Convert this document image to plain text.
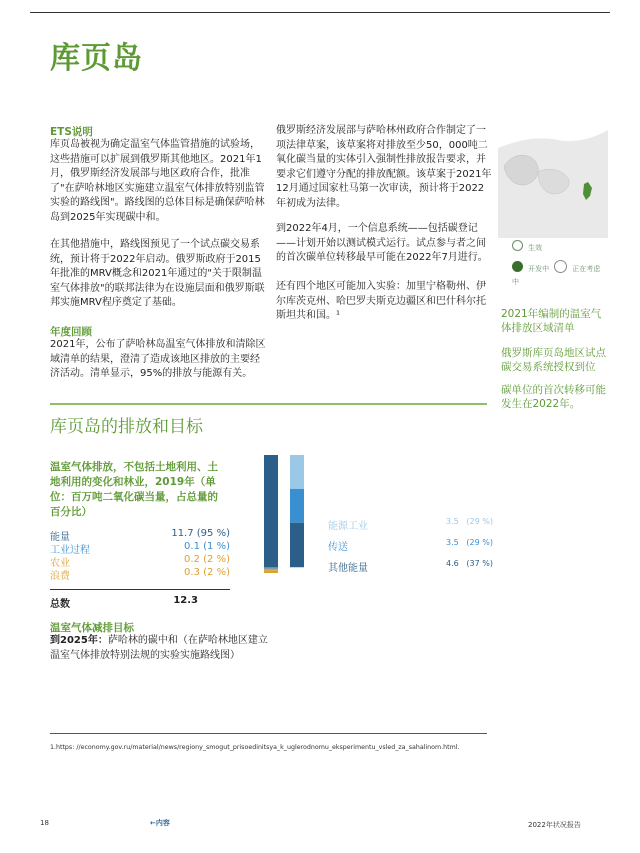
库页岛
ETS说明
库页岛被视为确定温室气体监管措施的试验场，这些措施可以扩展到俄罗斯其他地区。2021年1月，俄罗斯经济发展部与地区政府合作，批准了"在萨哈林地区实施建立温室气体排放特别监管实验的路线图"。路线图的总体目标是确保萨哈林岛到2025年实现碳中和。
在其他措施中，路线图预见了一个试点碳交易系统，预计将于2022年启动。俄罗斯政府于2015年批准的MRV概念和2021年通过的"关于限制温室气体排放"的联邦法律为在设施层面和俄罗斯联邦实施MRV程序奠定了基础。
年度回顾
2021年，公布了萨哈林岛温室气体排放和清除区域清单的结果，澄清了造成该地区排放的主要经济活动。清单显示，95%的排放与能源有关。
俄罗斯经济发展部与萨哈林州政府合作制定了一项法律草案，该草案将对排放至少50，000吨二氧化碳当量的实体引入强制性排放报告要求，并要求它们遵守分配的排放配额。该草案于2021年12月通过国家杜马第一次审读，预计将于2022年初成为法律。
到2022年4月，一个信息系统——包括碳登记——计划开始以测试模式运行。试点参与者之间的首次碳单位转移最早可能在2022年7月进行。
还有四个地区可能加入实验：加里宁格勒州、伊尔库茨克州、哈巴罗夫斯克边疆区和巴什科尔托斯坦共和国。¹
生效
开发中	正在考虑
中
2021年编制的温室气体排放区域清单
俄罗斯库页岛地区试点碳交易系统授权到位
碳单位的首次转移可能发生在2022年。
库页岛的排放和目标
温室气体排放，不包括土地利用、土地利用的变化和林业，2019年（单位：百万吨二氧化碳当量，占总量的百分比）
能量	11.7 (95 %)
工业过程	0.1 (1 %)
农业	0.2 (2 %)
浪费	0.3 (2 %)
总数	12.3
能源工业	3.5 (29 %)
传送	3.5 (29 %)
其他能量	4.6 (37 %)
温室气体减排目标
到2025年：萨哈林的碳中和（在萨哈林地区建立温室气体排放特别法规的实验实施路线图）
1.https: //economy.gov.ru/material/news/regiony_smogut_prisoedinitsya_k_uglerodnomu_eksperimentu_vsled_za_sahalinom.html.
18	←内容	2022年状况报告
